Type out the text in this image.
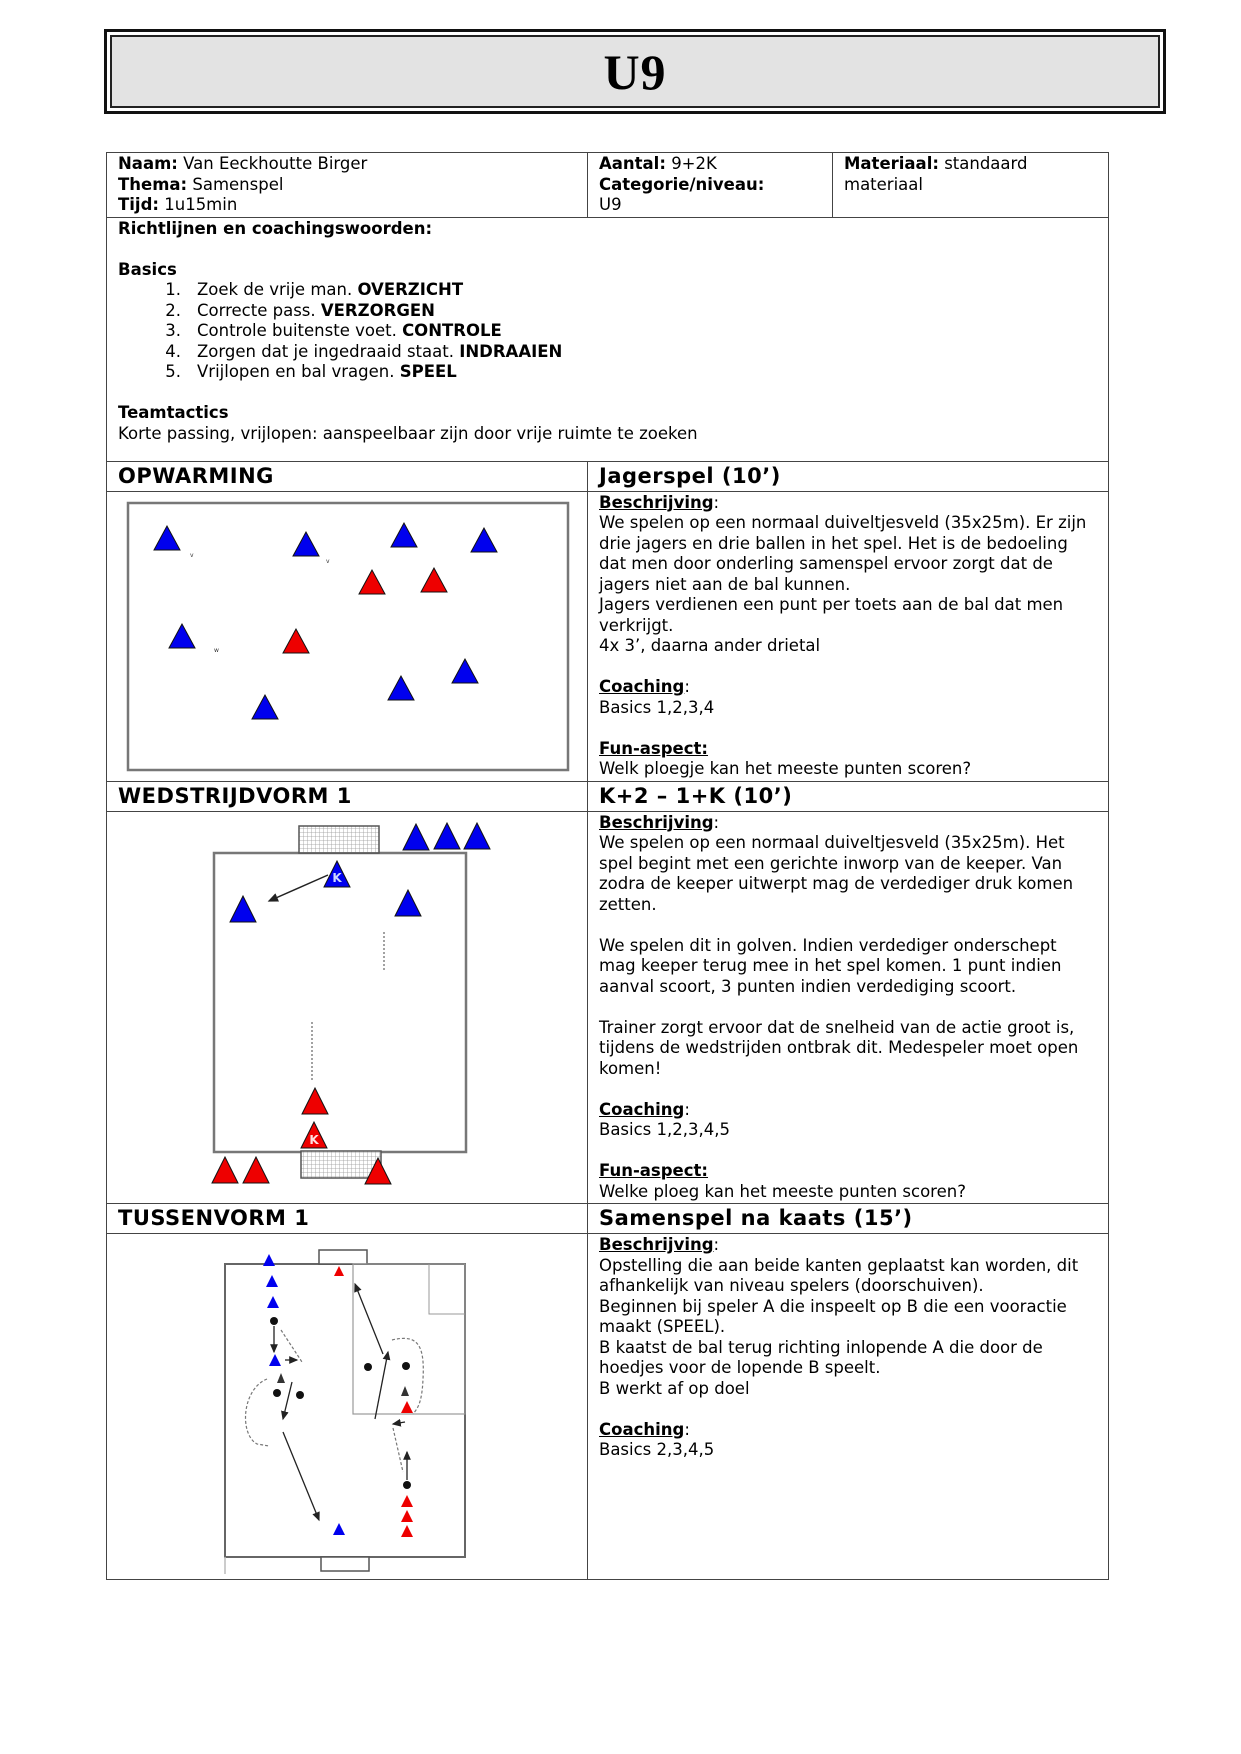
U9
Naam: Van Eeckhoutte Birger
Thema: Samenspel
Tijd: 1u15min

Aantal: 9+2K
Categorie/niveau:
U9
	Materiaal: standaard materiaal

Richtlijnen en coachingswoorden:
Basics
1. Zoek de vrije man. OVERZICHT
2. Correcte pass. VERZORGEN
3. Controle buitenste voet. CONTROLE
4. Zorgen dat je ingedraaid staat. INDRAAIEN
5. Vrijlopen en bal vragen. SPEEL
Teamtactics
Korte passing, vrijlopen: aanspeelbaar zijn door vrije ruimte te zoeken

OPWARMING	Jagerspel (10’)	

v
v
w

Beschrijving:
We spelen op een normaal duiveltjesveld (35x25m). Er zijn drie jagers en drie ballen in het spel. Het is de bedoeling dat men door onderling samenspel ervoor zorgt dat de jagers niet aan de bal kunnen.
Jagers verdienen een punt per toets aan de bal dat men verkrijgt.
4x 3’, daarna ander drietal
Coaching:
Basics 1,2,3,4
Fun-aspect:
Welk ploegje kan het meeste punten scoren?

WEDSTRIJDVORM 1	K+2 – 1+K (10’)	

K
K

Beschrijving:
We spelen op een normaal duiveltjesveld (35x25m). Het spel begint met een gerichte inworp van de keeper. Van zodra de keeper uitwerpt mag de verdediger druk komen zetten.
We spelen dit in golven. Indien verdediger onderschept mag keeper terug mee in het spel komen. 1 punt indien aanval scoort, 3 punten indien verdediging scoort.
Trainer zorgt ervoor dat de snelheid van de actie groot is, tijdens de wedstrijden ontbrak dit. Medespeler moet open komen!
Coaching:
Basics 1,2,3,4,5
Fun-aspect:
Welke ploeg kan het meeste punten scoren?

TUSSENVORM 1	Samenspel na kaats (15’)	

Beschrijving:
Opstelling die aan beide kanten geplaatst kan worden, dit afhankelijk van niveau spelers (doorschuiven).
Beginnen bij speler A die inspeelt op B die een vooractie maakt (SPEEL).
B kaatst de bal terug richting inlopende A die door de hoedjes voor de lopende B speelt.
B werkt af op doel
Coaching:
Basics 2,3,4,5
